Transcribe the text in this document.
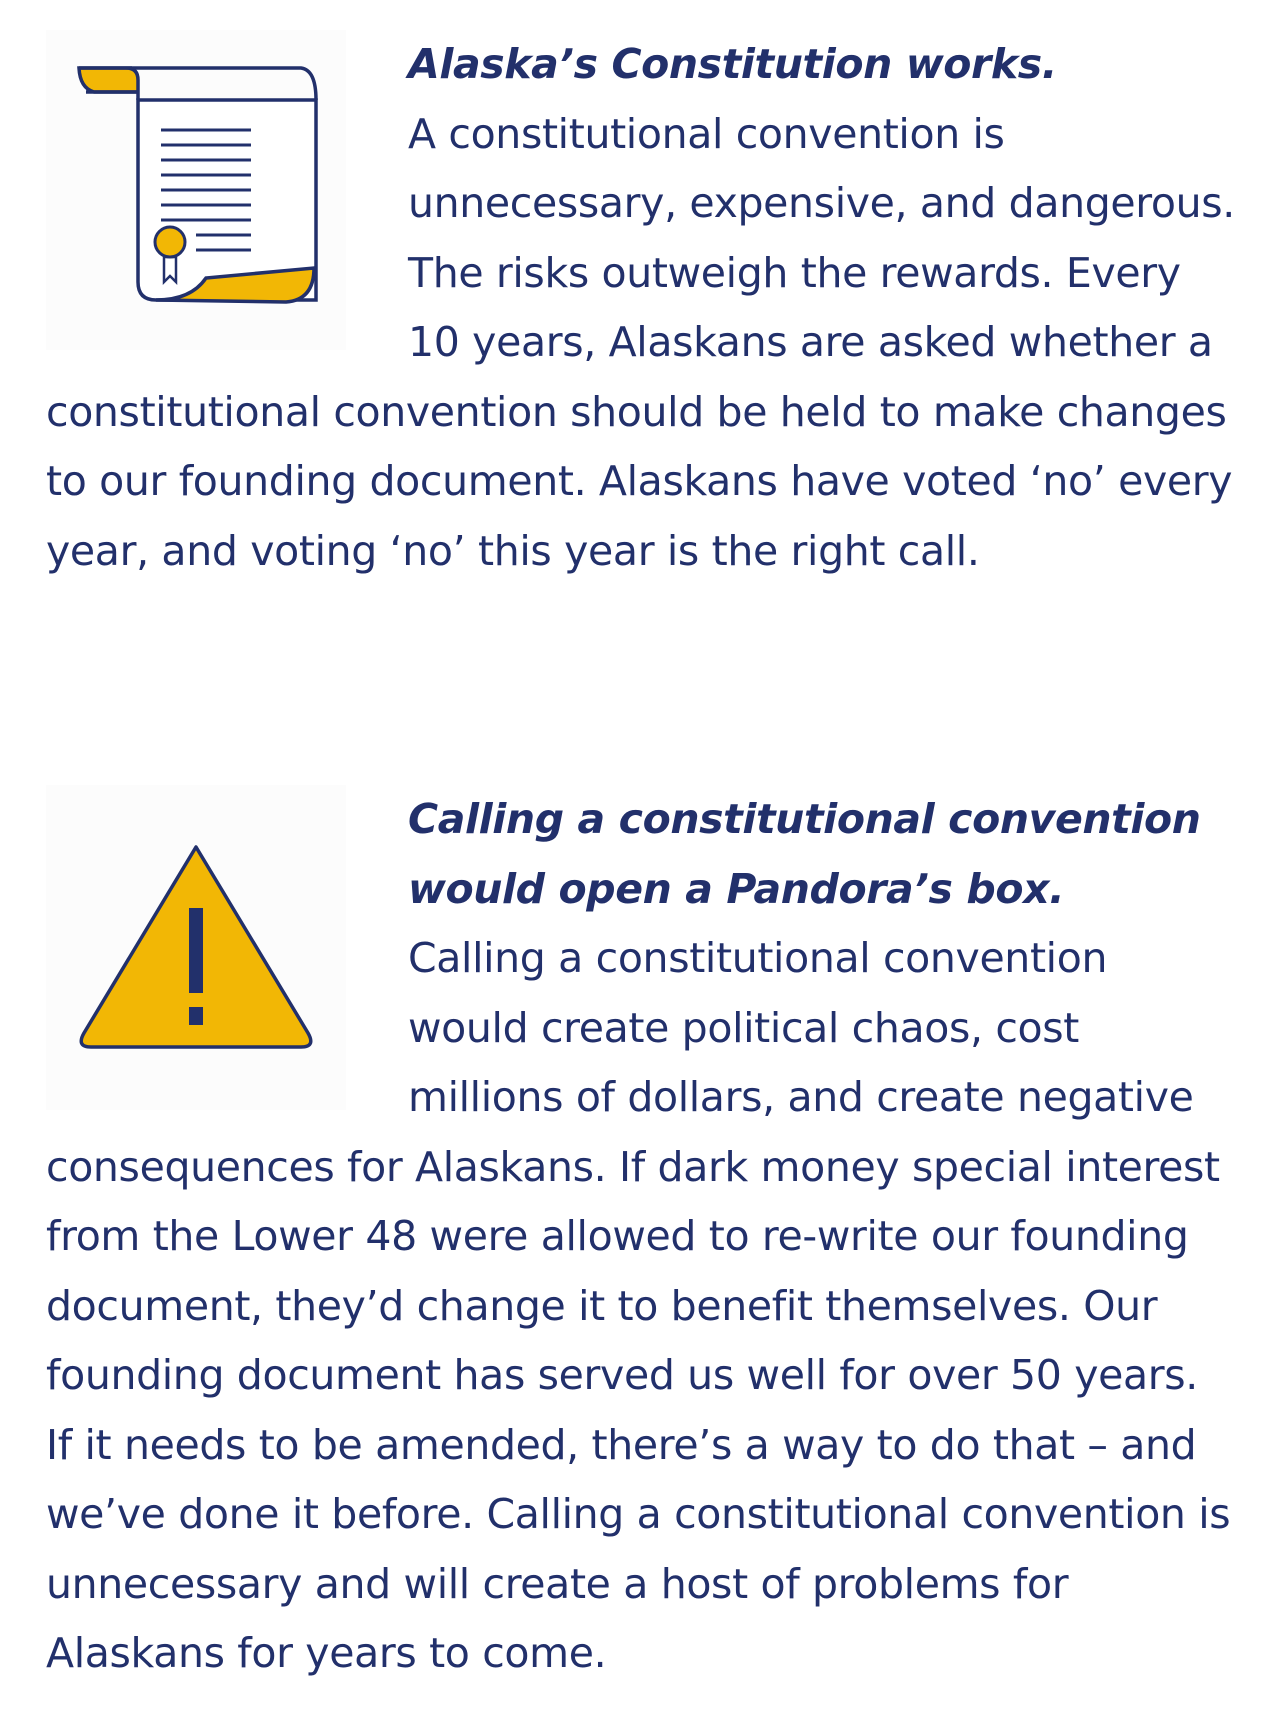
Alaska’s Constitution works.
A constitutional convention is unnecessary, expensive, and dangerous. The risks outweigh the rewards. Every 10 years, Alaskans are asked whether a constitutional convention should be held to make changes to our founding document. Alaskans have voted ‘no’ every year, and voting ‘no’ this year is the right call.

Calling a constitutional convention would open a Pandora’s box.
Calling a constitutional convention would create political chaos, cost millions of dollars, and create negative consequences for Alaskans. If dark money special interest from the Lower 48 were allowed to re-write our founding document, they’d change it to benefit themselves. Our founding document has served us well for over 50 years. If it needs to be amended, there’s a way to do that – and we’ve done it before. Calling a constitutional convention is unnecessary and will create a host of problems for Alaskans for years to come.
